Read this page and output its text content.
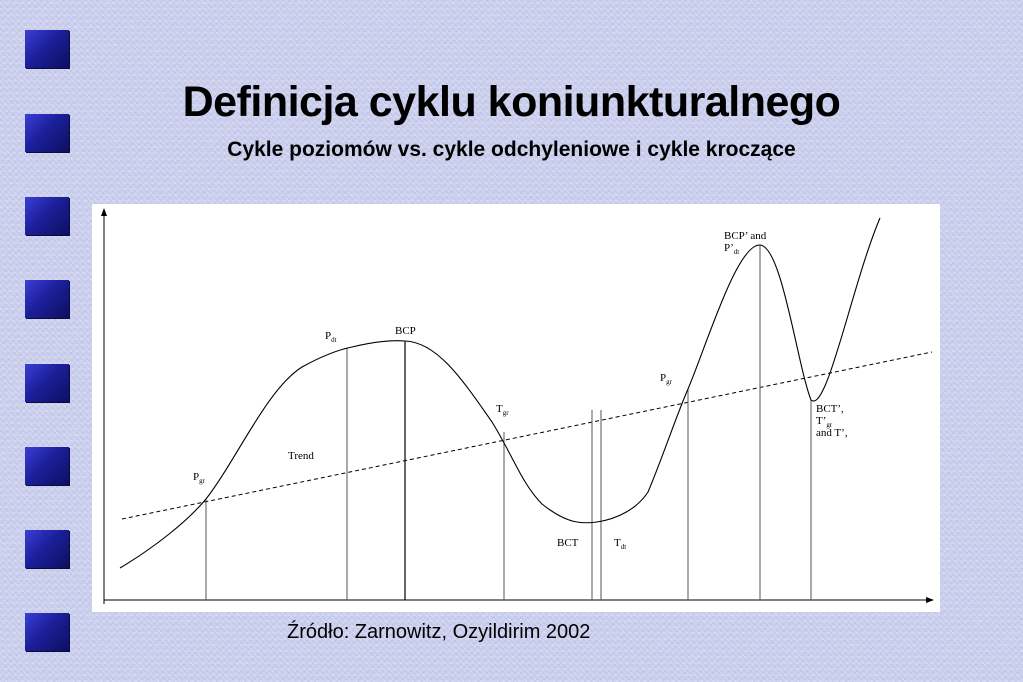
Definicja cyklu koniunkturalnego
Cykle poziomów vs. cykle odchyleniowe i cykle kroczące
$P_{gr}$
Trend
$P_{dt}$
BCP
$T_{gr}$
BCT	$T_{dt}$
$P_{gr}$
BCP’ and
$P’_{dt}$
BCT’,
$T’_{gr}$
and T’,
Źródło: Zarnowitz, Ozyildirim 2002
